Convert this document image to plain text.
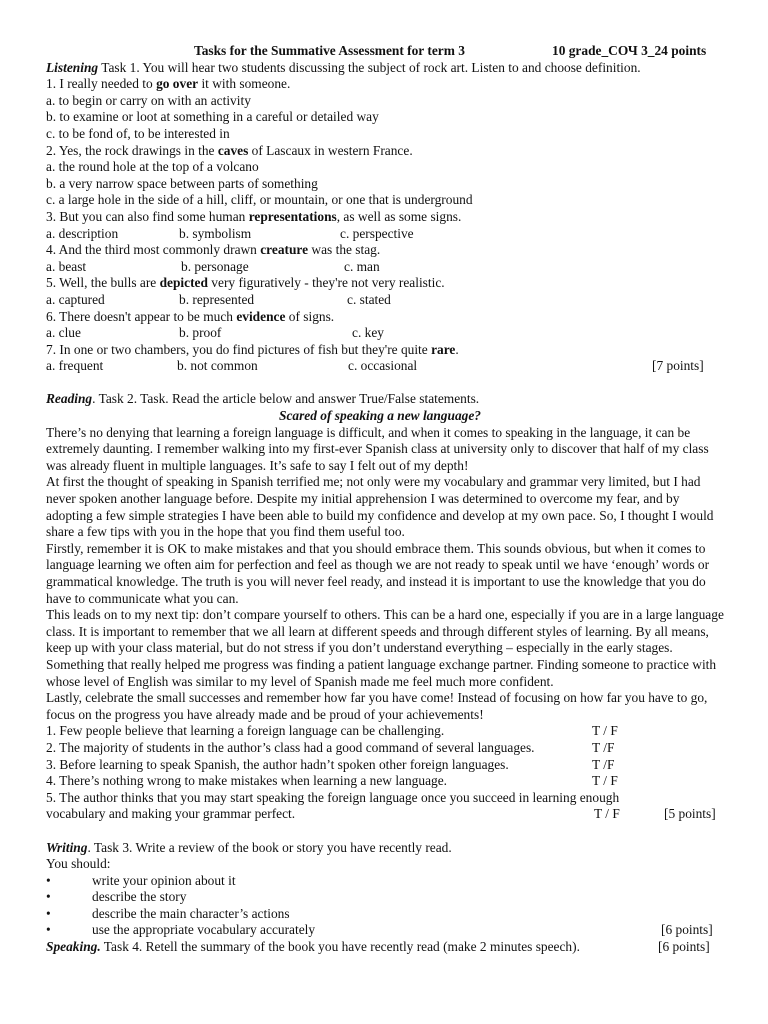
Tasks for the Summative Assessment for term 3	10 grade_СОЧ 3_24 points
Listening Task 1. You will hear two students discussing the subject of rock art. Listen to and choose definition.
1. I really needed to go over it with someone.
a. to begin or carry on with an activity
b. to examine or loot at something in a careful or detailed way
c. to be fond of, to be interested in
2. Yes, the rock drawings in the caves of Lascaux in western France.
a. the round hole at the top of a volcano
b. a very narrow space between parts of something
c. a large hole in the side of a hill, cliff, or mountain, or one that is underground
3. But you can also find some human representations, as well as some signs.
a. description	b. symbolism	c. perspective
4. And the third most commonly drawn creature was the stag.
a. beast	b. personage	c. man
5. Well, the bulls are depicted very figuratively - they're not very realistic.
a. captured	b. represented	c. stated
6. There doesn't appear to be much evidence of signs.
a. clue	b. proof	c. key
7. In one or two chambers, you do find pictures of fish but they're quite rare.
a. frequent	b. not common	c. occasional	[7 points]
Reading. Task 2. Task. Read the article below and answer True/False statements.
Scared of speaking a new language?
There’s no denying that learning a foreign language is difficult, and when it comes to speaking in the language, it can be extremely daunting. I remember walking into my first-ever Spanish class at university only to discover that half of my class was already fluent in multiple languages. It’s safe to say I felt out of my depth!
At first the thought of speaking in Spanish terrified me; not only were my vocabulary and grammar very limited, but I had never spoken another language before. Despite my initial apprehension I was determined to overcome my fear, and by adopting a few simple strategies I have been able to build my confidence and develop at my own pace. So, I thought I would share a few tips with you in the hope that you find them useful too.
Firstly, remember it is OK to make mistakes and that you should embrace them. This sounds obvious, but when it comes to language learning we often aim for perfection and feel as though we are not ready to speak until we have ‘enough’ words or grammatical knowledge. The truth is you will never feel ready, and instead it is important to use the knowledge that you do have to communicate what you can.
This leads on to my next tip: don’t compare yourself to others. This can be a hard one, especially if you are in a large language class. It is important to remember that we all learn at different speeds and through different styles of learning. By all means, keep up with your class material, but do not stress if you don’t understand everything – especially in the early stages.
Something that really helped me progress was finding a patient language exchange partner. Finding someone to practice with whose level of English was similar to my level of Spanish made me feel much more confident.
Lastly, celebrate the small successes and remember how far you have come! Instead of focusing on how far you have to go, focus on the progress you have already made and be proud of your achievements!
1. Few people believe that learning a foreign language can be challenging.	T / F
2. The majority of students in the author’s class had a good command of several languages.	T /F
3. Before learning to speak Spanish, the author hadn’t spoken other foreign languages.	T /F
4. There’s nothing wrong to make mistakes when learning a new language.	T / F
5. The author thinks that you may start speaking the foreign language once you succeed in learning enough
vocabulary and making your grammar perfect.	T / F	[5 points]
Writing. Task 3. Write a review of the book or story you have recently read.
You should:
•	write your opinion about it
•	describe the story
•	describe the main character’s actions
•	use the appropriate vocabulary accurately	[6 points]
Speaking. Task 4. Retell the summary of the book you have recently read (make 2 minutes speech).	[6 points]
